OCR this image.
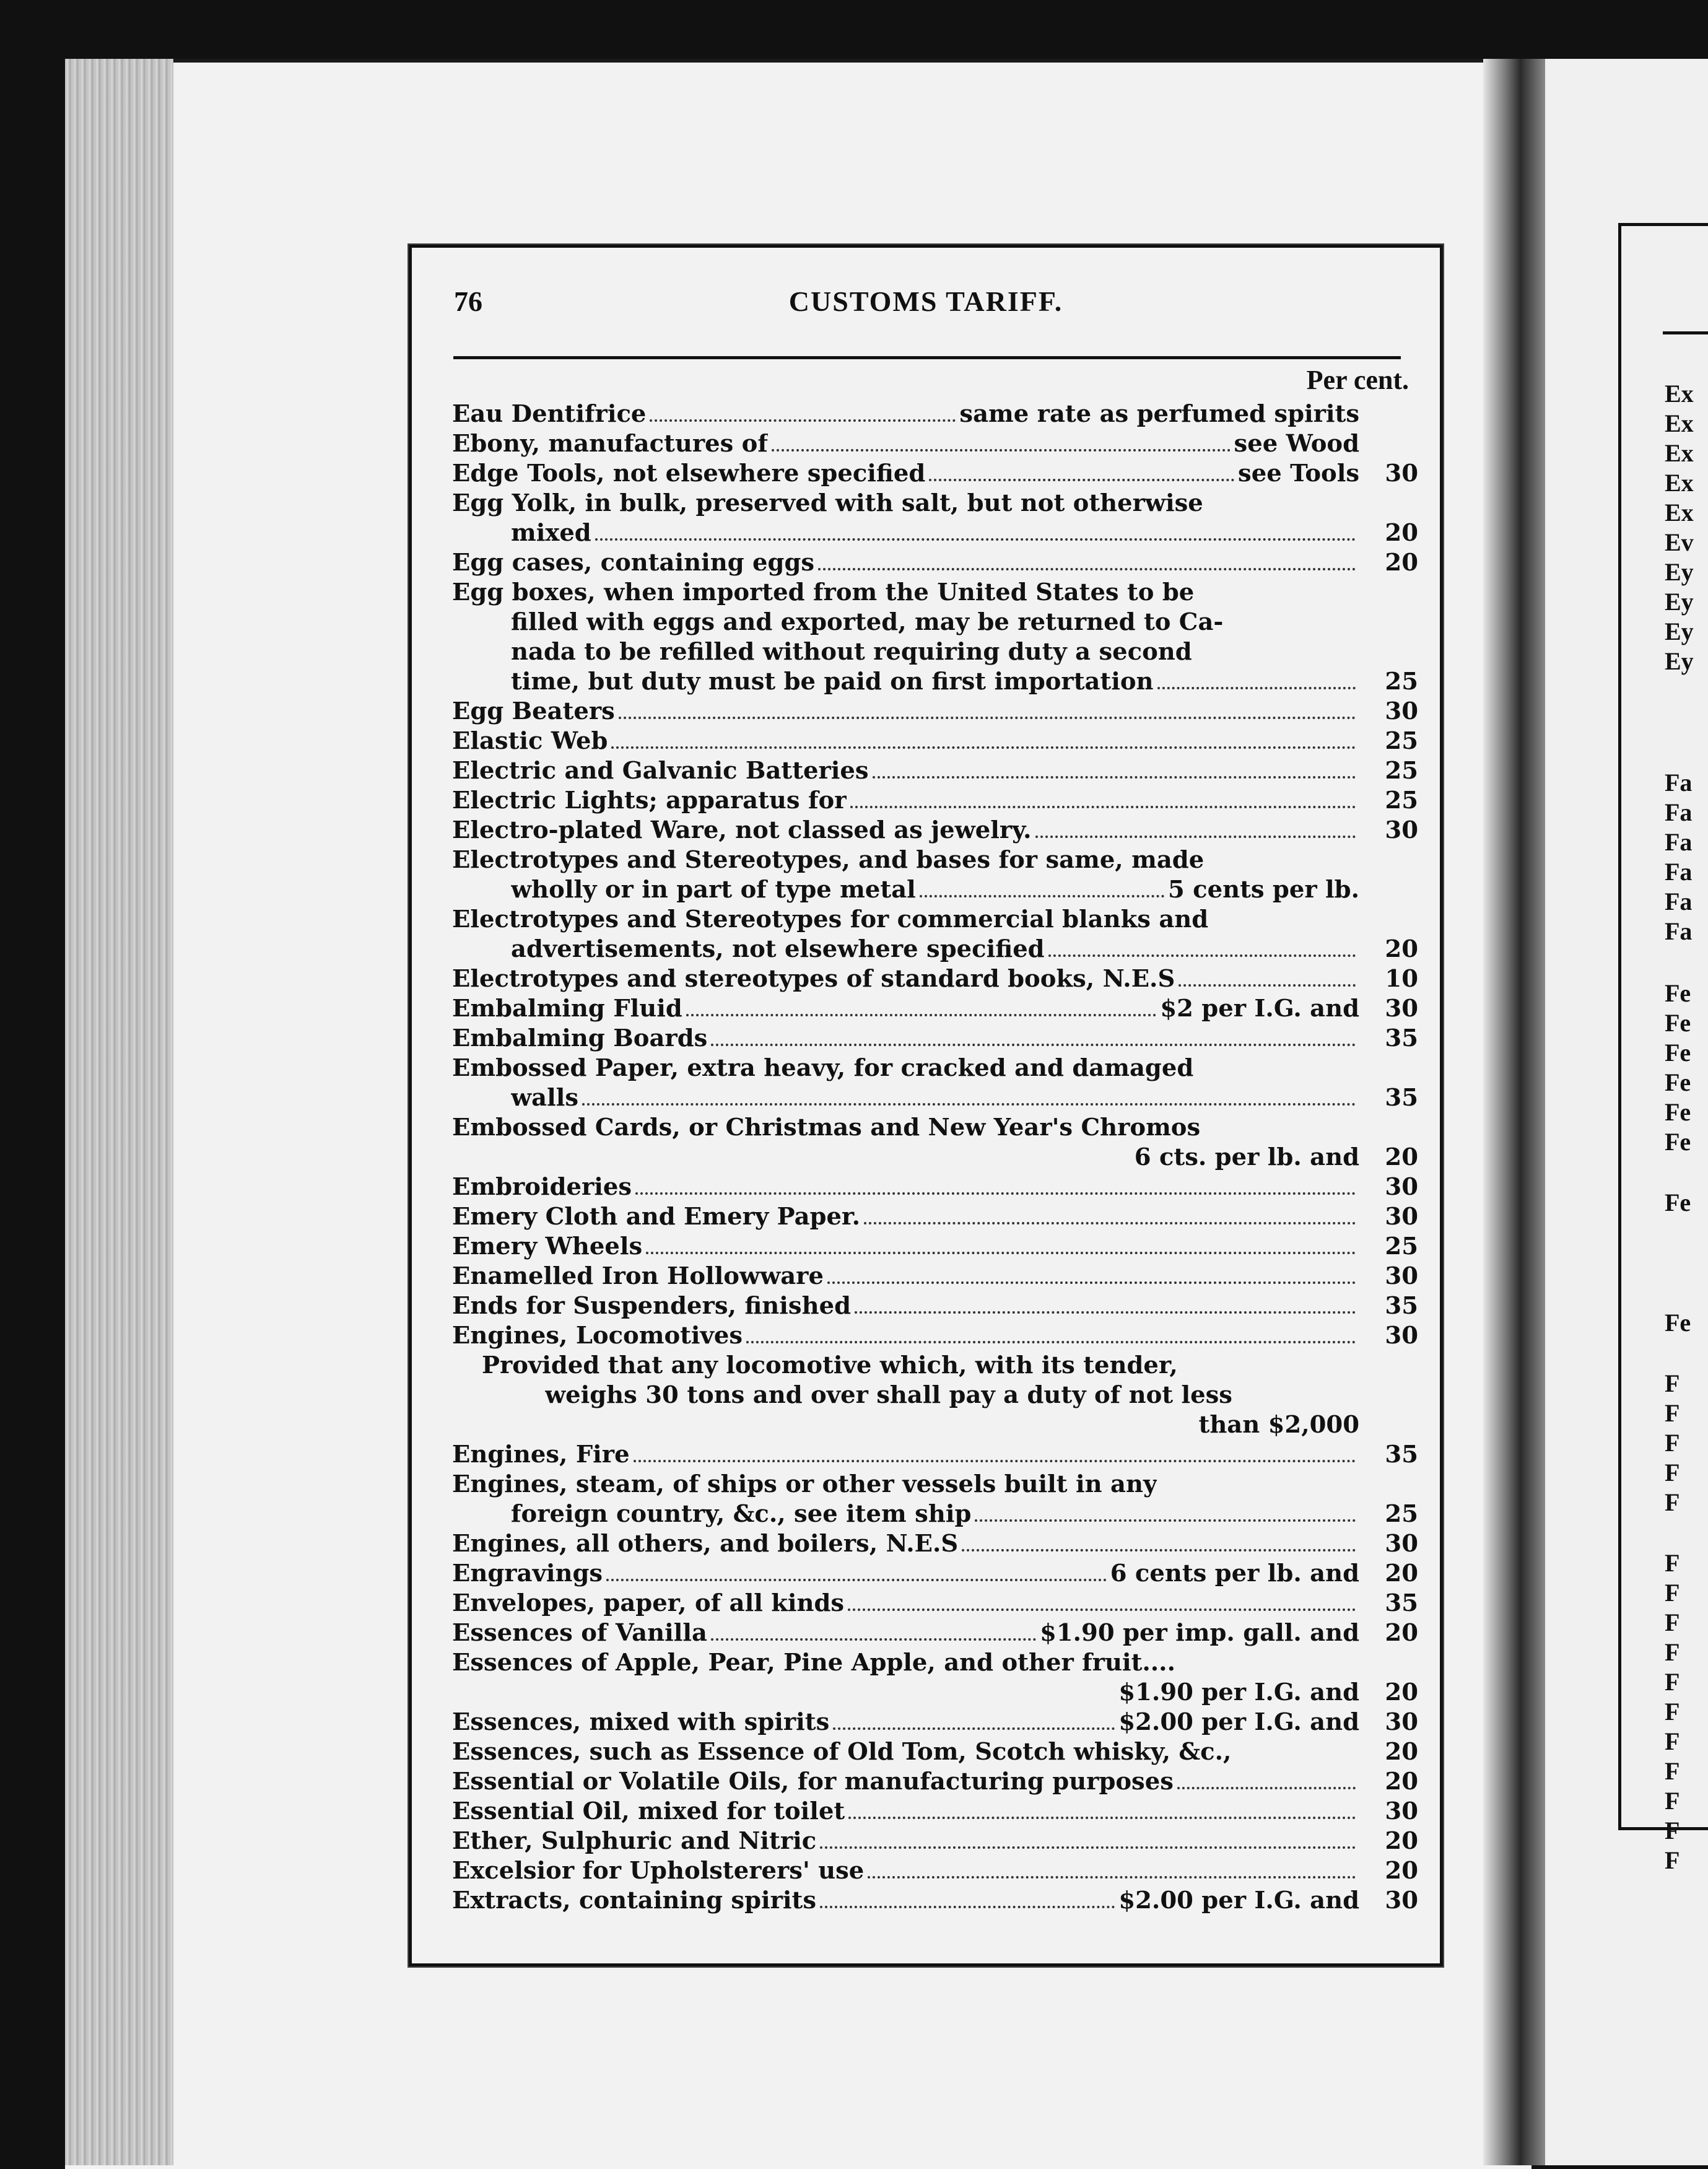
Ex
Ex
Ex
Ex
Ex
Ev
Ey
Ey
Ey
Ey
Fa
Fa
Fa
Fa
Fa
Fa
Fe
Fe
Fe
Fe
Fe
Fe
Fe
Fe
F
F
F
F
F
F
F
F
F
F
F
F
F
F
F
F
CUSTOMS TARIFF.
76
Per cent.
Eau Dentifrice	same rate as perfumed spirits
Ebony, manufactures of	see Wood
Edge Tools, not elsewhere specified	see Tools	30
Egg Yolk, in bulk, preserved with salt, but not otherwise
mixed	20
Egg cases, containing eggs	20
Egg boxes, when imported from the United States to be
filled with eggs and exported, may be returned to Ca-
nada to be refilled without requiring duty a second
time, but duty must be paid on first importation	25
Egg Beaters	30
Elastic Web	25
Electric and Galvanic Batteries	25
Electric Lights; apparatus for	25
Electro-plated Ware, not classed as jewelry.	30
Electrotypes and Stereotypes, and bases for same, made
wholly or in part of type metal	5 cents per lb.
Electrotypes and Stereotypes for commercial blanks and
advertisements, not elsewhere specified	20
Electrotypes and stereotypes of standard books, N.E.S	10
Embalming Fluid	$2 per I.G. and	30
Embalming Boards	35
Embossed Paper, extra heavy, for cracked and damaged
walls	35
Embossed Cards, or Christmas and New Year's Chromos
6 cts. per lb. and	20
Embroideries	30
Emery Cloth and Emery Paper.	30
Emery Wheels	25
Enamelled Iron Hollowware	30
Ends for Suspenders, finished	35
Engines, Locomotives	30
Provided that any locomotive which, with its tender,
weighs 30 tons and over shall pay a duty of not less
than $2,000
Engines, Fire	35
Engines, steam, of ships or other vessels built in any
foreign country, &c., see item ship	25
Engines, all others, and boilers, N.E.S	30
Engravings	6 cents per lb. and	20
Envelopes, paper, of all kinds	35
Essences of Vanilla	$1.90 per imp. gall. and	20
Essences of Apple, Pear, Pine Apple, and other fruit....
$1.90 per I.G. and	20
Essences, mixed with spirits	$2.00 per I.G. and	30
Essences, such as Essence of Old Tom, Scotch whisky, &c.,	20
Essential or Volatile Oils, for manufacturing purposes	20
Essential Oil, mixed for toilet	30
Ether, Sulphuric and Nitric	20
Excelsior for Upholsterers' use	20
Extracts, containing spirits	$2.00 per I.G. and	30
